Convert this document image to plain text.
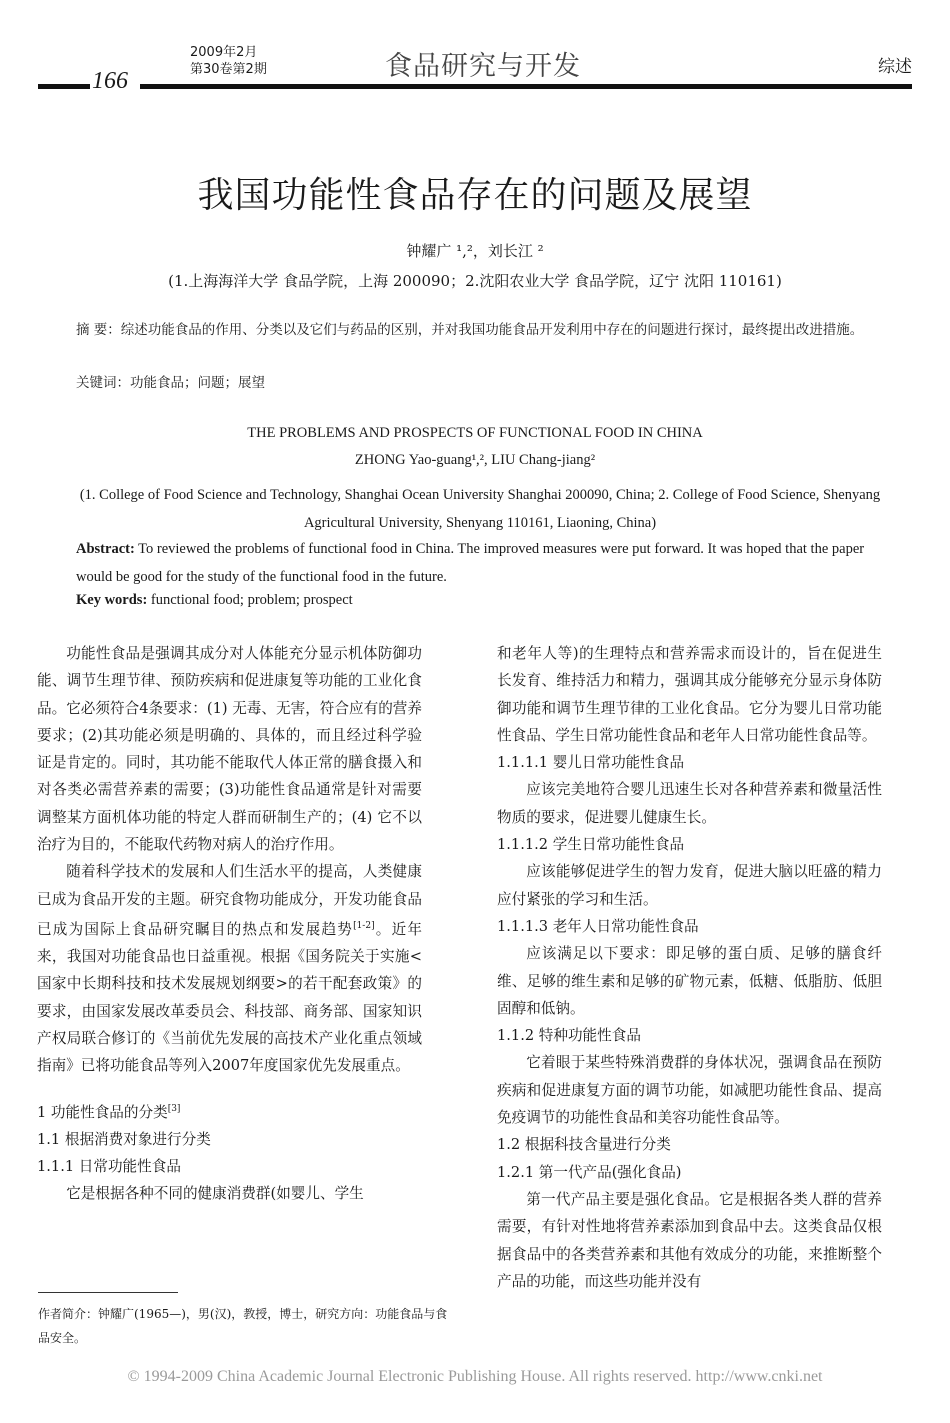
2009年2月
第30卷第2期	食品研究与开发	综述
166
我国功能性食品存在的问题及展望
钟耀广 ¹,²，刘长江 ²
(1.上海海洋大学 食品学院，上海 200090；2.沈阳农业大学 食品学院，辽宁 沈阳 110161)
摘 要：综述功能食品的作用、分类以及它们与药品的区别，并对我国功能食品开发利用中存在的问题进行探讨，最终提出改进措施。
关键词：功能食品；问题；展望
THE PROBLEMS AND PROSPECTS OF FUNCTIONAL FOOD IN CHINA
ZHONG Yao-guang¹,², LIU Chang-jiang²
(1. College of Food Science and Technology, Shanghai Ocean University Shanghai 200090, China; 2. College of Food Science, Shenyang Agricultural University, Shenyang 110161, Liaoning, China)
Abstract: To reviewed the problems of functional food in China. The improved measures were put forward. It was hoped that the paper would be good for the study of the functional food in the future.
Key words: functional food; problem; prospect

功能性食品是强调其成分对人体能充分显示机体防御功能、调节生理节律、预防疾病和促进康复等功能的工业化食品。它必须符合4条要求：(1) 无毒、无害，符合应有的营养要求；(2)其功能必须是明确的、具体的，而且经过科学验证是肯定的。同时，其功能不能取代人体正常的膳食摄入和对各类必需营养素的需要；(3)功能性食品通常是针对需要调整某方面机体功能的特定人群而研制生产的；(4) 它不以治疗为目的，不能取代药物对病人的治疗作用。

随着科学技术的发展和人们生活水平的提高，人类健康已成为食品开发的主题。研究食物功能成分，开发功能食品已成为国际上食品研究瞩目的热点和发展趋势[1-2]。近年来，我国对功能食品也日益重视。根据《国务院关于实施<国家中长期科技和技术发展规划纲要>的若干配套政策》的要求，由国家发展改革委员会、科技部、商务部、国家知识产权局联合修订的《当前优先发展的高技术产业化重点领域指南》已将功能食品等列入2007年度国家优先发展重点。

1 功能性食品的分类[3]

1.1 根据消费对象进行分类

1.1.1 日常功能性食品

它是根据各种不同的健康消费群(如婴儿、学生

作者简介：钟耀广(1965—)，男(汉)，教授，博士，研究方向：功能食品与食品安全。

和老年人等)的生理特点和营养需求而设计的，旨在促进生长发育、维持活力和精力，强调其成分能够充分显示身体防御功能和调节生理节律的工业化食品。它分为婴儿日常功能性食品、学生日常功能性食品和老年人日常功能性食品等。

1.1.1.1 婴儿日常功能性食品

应该完美地符合婴儿迅速生长对各种营养素和微量活性物质的要求，促进婴儿健康生长。

1.1.1.2 学生日常功能性食品

应该能够促进学生的智力发育，促进大脑以旺盛的精力应付紧张的学习和生活。

1.1.1.3 老年人日常功能性食品

应该满足以下要求：即足够的蛋白质、足够的膳食纤维、足够的维生素和足够的矿物元素，低糖、低脂肪、低胆固醇和低钠。

1.1.2 特种功能性食品

它着眼于某些特殊消费群的身体状况，强调食品在预防疾病和促进康复方面的调节功能，如减肥功能性食品、提高免疫调节的功能性食品和美容功能性食品等。

1.2 根据科技含量进行分类

1.2.1 第一代产品(强化食品)

第一代产品主要是强化食品。它是根据各类人群的营养需要，有针对性地将营养素添加到食品中去。这类食品仅根据食品中的各类营养素和其他有效成分的功能，来推断整个产品的功能，而这些功能并没有

© 1994-2009 China Academic Journal Electronic Publishing House. All rights reserved. http://www.cnki.net
